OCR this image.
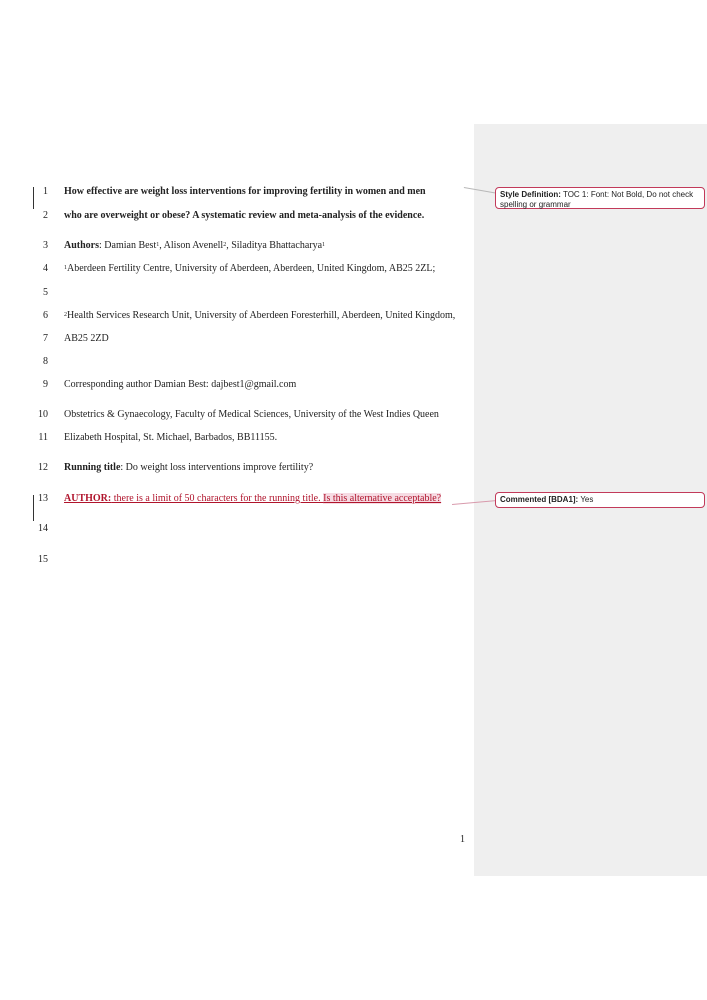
1 How effective are weight loss interventions for improving fertility in women and men
2 who are overweight or obese? A systematic review and meta-analysis of the evidence.
3 Authors: Damian Best$^1$, Alison Avenell$^2$, Siladitya Bhattacharya$^1$
4	$^1$Aberdeen Fertility Centre, University of Aberdeen, Aberdeen, United Kingdom, AB25 2ZL;
5
6	$^2$Health Services Research Unit, University of Aberdeen Foresterhill, Aberdeen, United Kingdom,
7 AB25 2ZD
8
9 Corresponding author Damian Best: dajbest1@gmail.com
10 Obstetrics & Gynaecology, Faculty of Medical Sciences, University of the West Indies Queen
11 Elizabeth Hospital, St. Michael, Barbados, BB11155.
12 Running title: Do weight loss interventions improve fertility?
13 AUTHOR: there is a limit of 50 characters for the running title. Is this alternative acceptable?
14
15
Style Definition: TOC 1: Font: Not Bold, Do not check spelling or grammar
Commented [BDA1]: Yes
1
